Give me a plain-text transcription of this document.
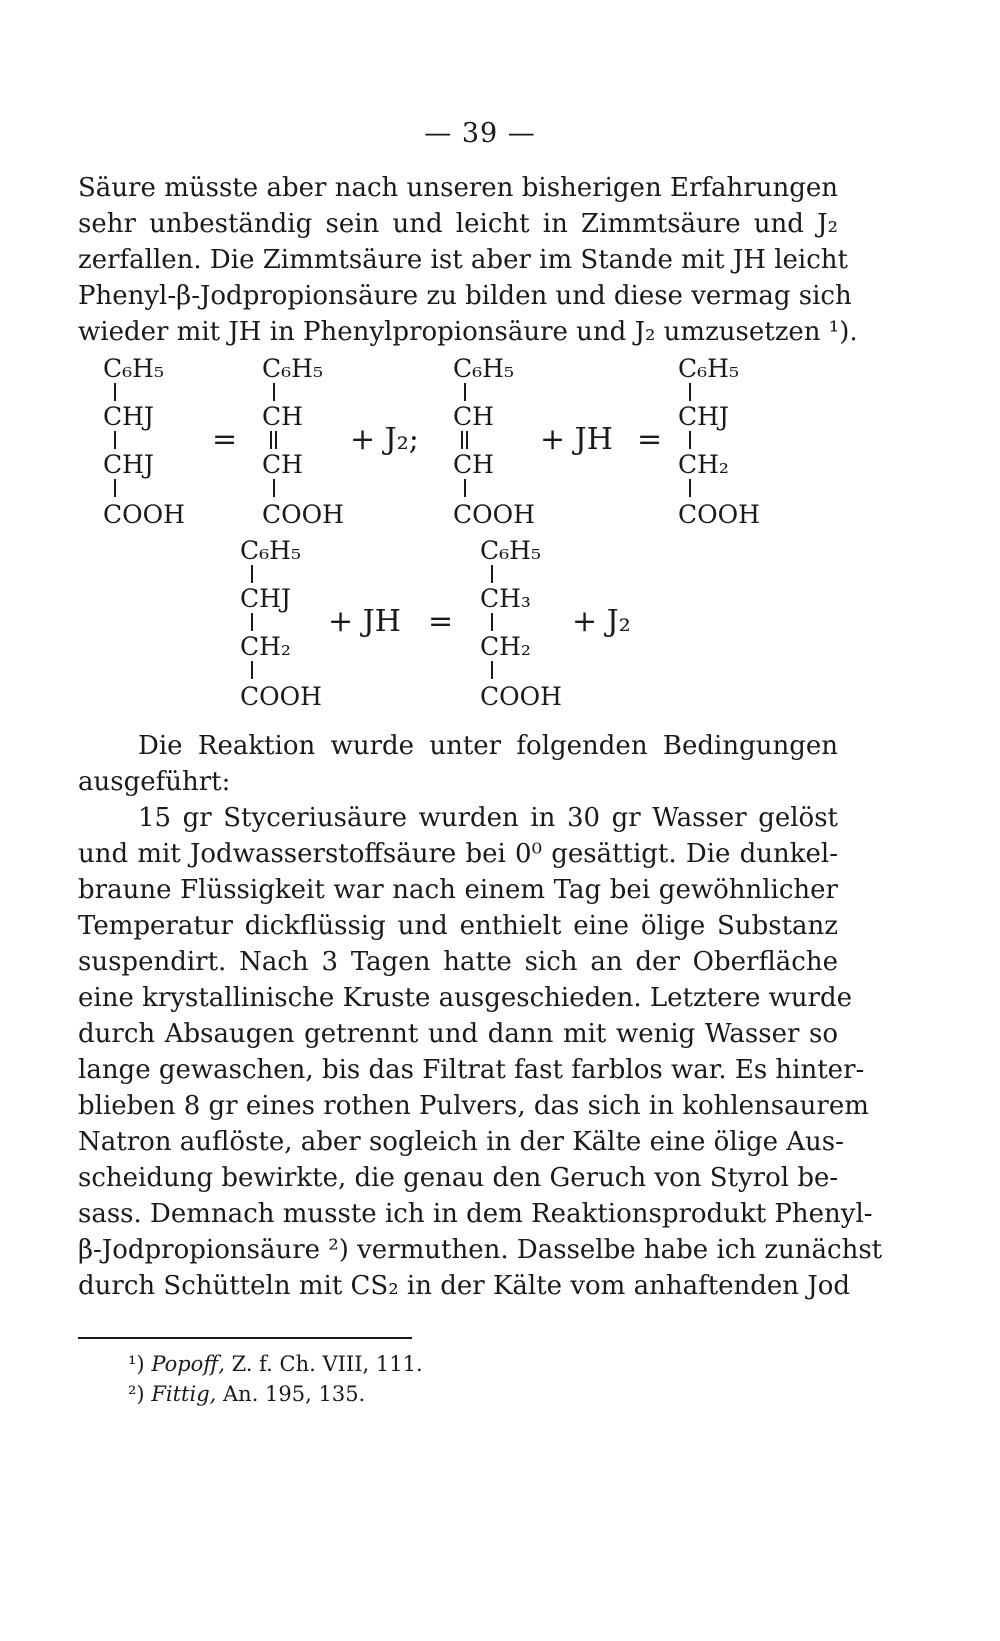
— 39 —
Säure müsste aber nach unseren bisherigen Erfahrungen
sehr unbeständig sein und leicht in Zimmtsäure und J₂
zerfallen. Die Zimmtsäure ist aber im Stande mit JH leicht
Phenyl-β-Jodpropionsäure zu bilden und diese vermag sich
wieder mit JH in Phenylpropionsäure und J₂ umzusetzen ¹).
C₆H₅
CHJ
CHJ
COOH
=
C₆H₅
CH
CH
COOH
+ J₂;
C₆H₅
CH
CH
COOH
+ JH =
C₆H₅
CHJ
CH₂
COOH
C₆H₅
CHJ
CH₂
COOH
+ JH =
C₆H₅
CH₃
CH₂
COOH
+ J₂
Die Reaktion wurde unter folgenden Bedingungen
ausgeführt:
15 gr Styceriusäure wurden in 30 gr Wasser gelöst
und mit Jodwasserstoffsäure bei 0⁰ gesättigt. Die dunkel-
braune Flüssigkeit war nach einem Tag bei gewöhnlicher
Temperatur dickflüssig und enthielt eine ölige Substanz
suspendirt. Nach 3 Tagen hatte sich an der Oberfläche
eine krystallinische Kruste ausgeschieden. Letztere wurde
durch Absaugen getrennt und dann mit wenig Wasser so
lange gewaschen, bis das Filtrat fast farblos war. Es hinter-
blieben 8 gr eines rothen Pulvers, das sich in kohlensaurem
Natron auflöste, aber sogleich in der Kälte eine ölige Aus-
scheidung bewirkte, die genau den Geruch von Styrol be-
sass. Demnach musste ich in dem Reaktionsprodukt Phenyl-
β-Jodpropionsäure ²) vermuthen. Dasselbe habe ich zunächst
durch Schütteln mit CS₂ in der Kälte vom anhaftenden Jod
¹) Popoff, Z. f. Ch. VIII, 111.
²) Fittig, An. 195, 135.
